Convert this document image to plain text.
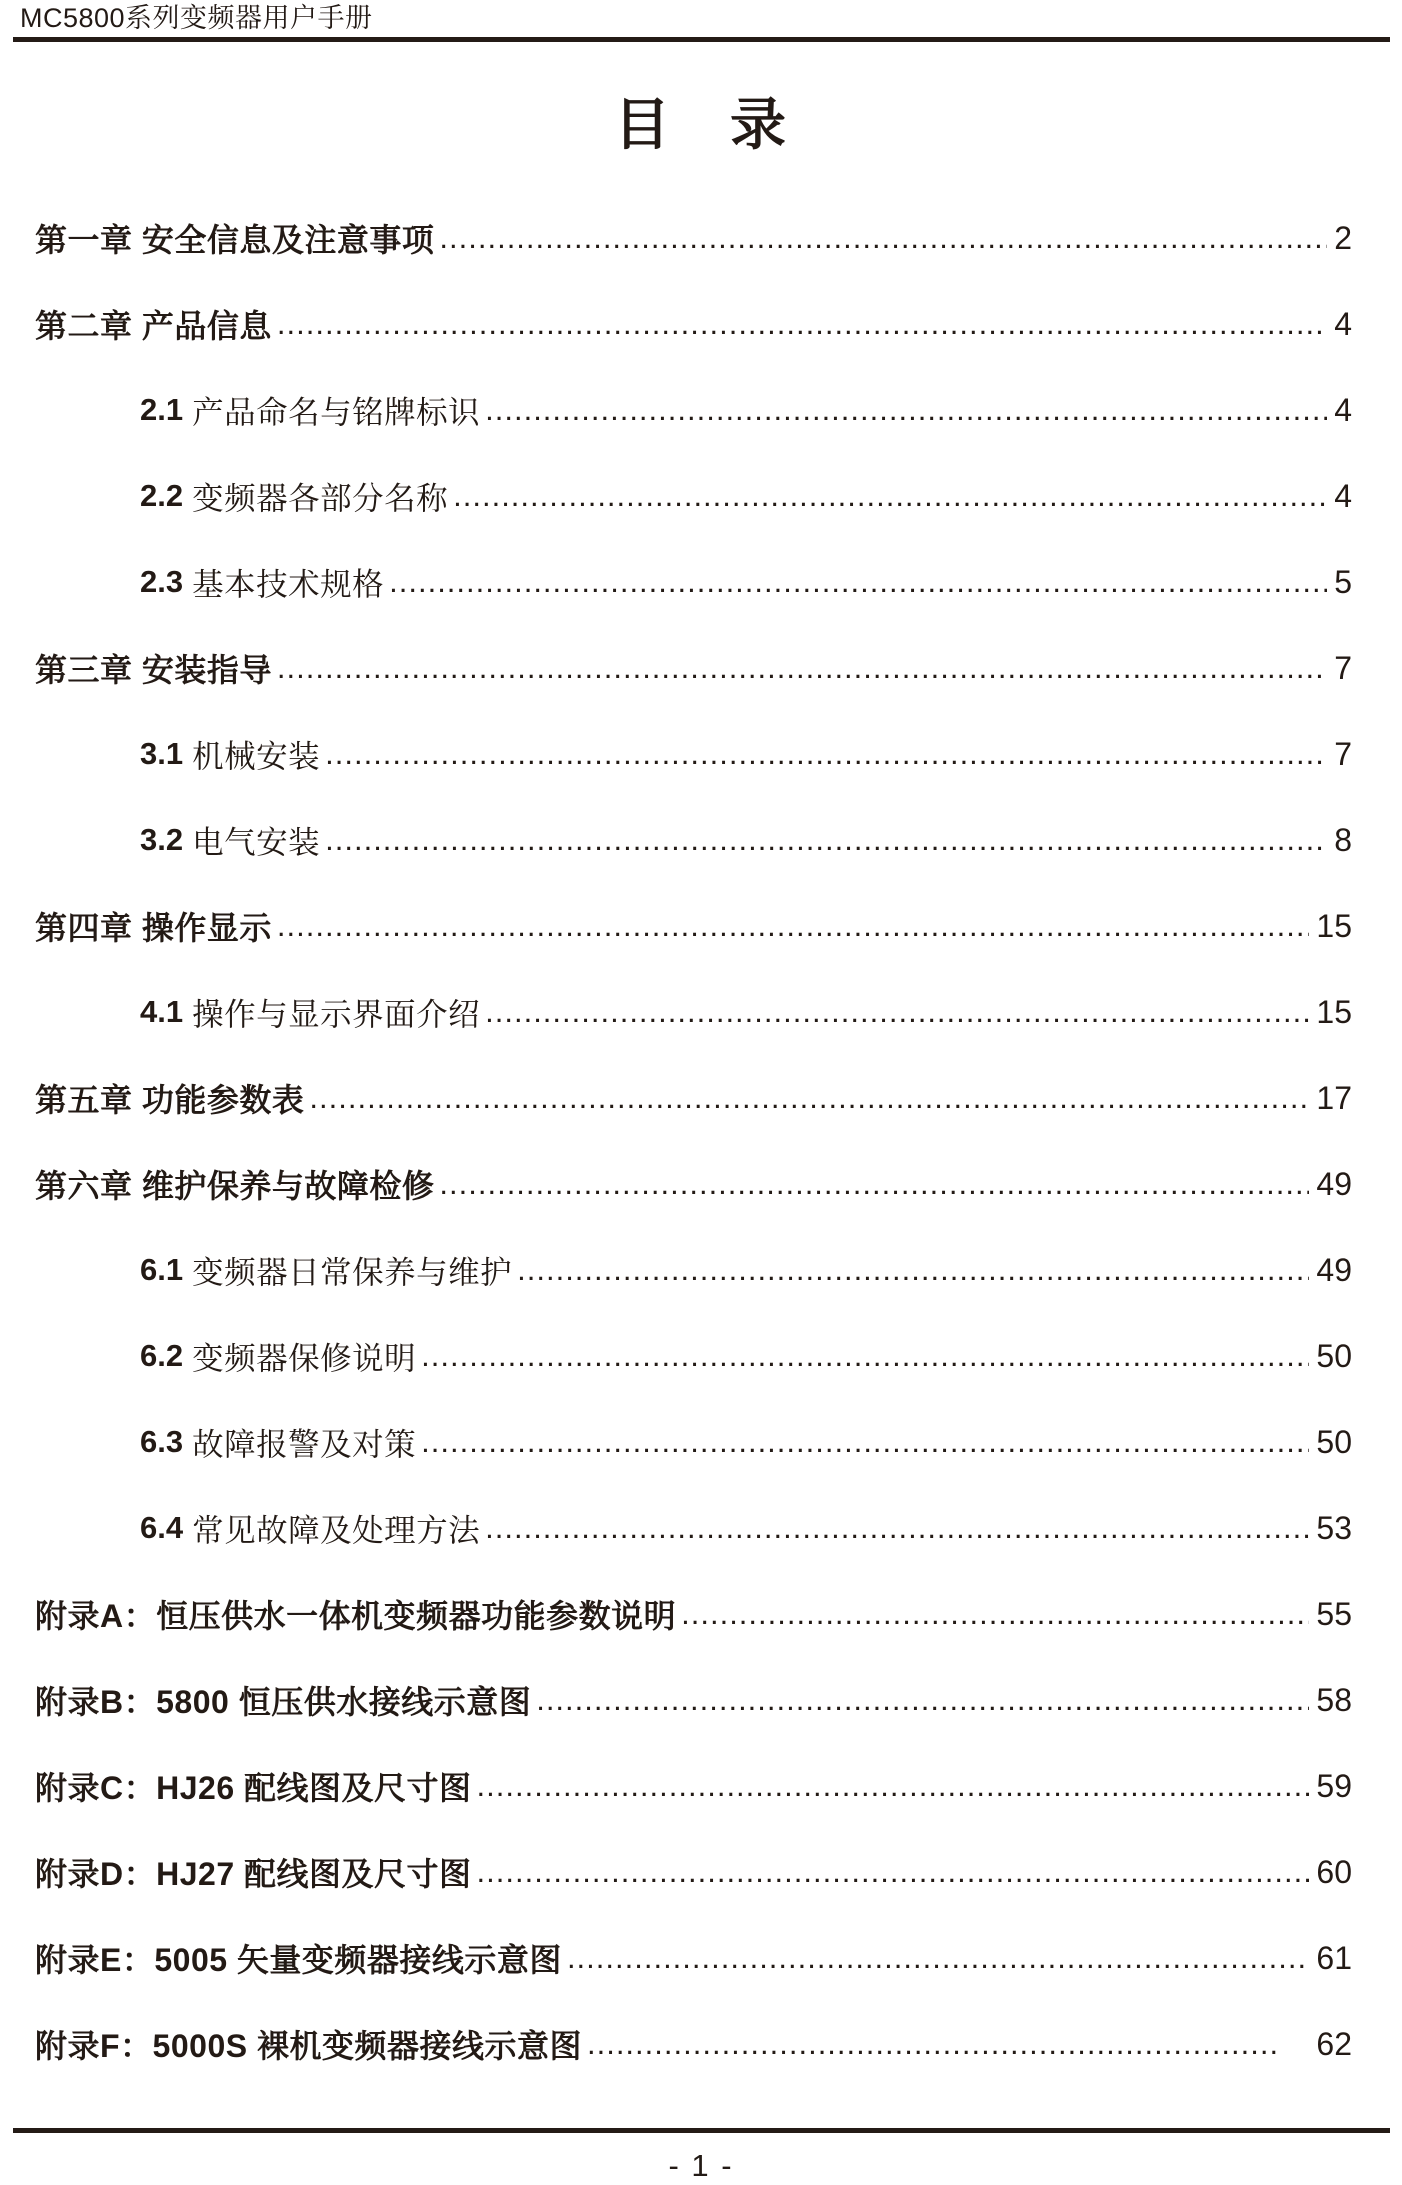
MC5800系列变频器用户手册
目　录
第一章 安全信息及注意事项 .....	2
第二章 产品信息 .....	4
2.1 产品命名与铭牌标识 .....	4
2.2 变频器各部分名称 .....	4
2.3 基本技术规格 .....	5
第三章 安装指导 .....	7
3.1 机械安装 .....	7
3.2 电气安装 .....	8
第四章 操作显示 .....	15
4.1 操作与显示界面介绍 .....	15
第五章 功能参数表 .....	17
第六章 维护保养与故障检修 .....	49
6.1 变频器日常保养与维护 .....	49
6.2 变频器保修说明 .....	50
6.3 故障报警及对策 .....	50
6.4 常见故障及处理方法 .....	53
附录A：恒压供水一体机变频器功能参数说明 .....	55
附录B：5800 恒压供水接线示意图 .....	58
附录C：HJ26 配线图及尺寸图 .....	59
附录D：HJ27 配线图及尺寸图 .....	60
附录E：5005 矢量变频器接线示意图 .....	61
附录F：5000S 裸机变频器接线示意图 .....	62
- 1 -
